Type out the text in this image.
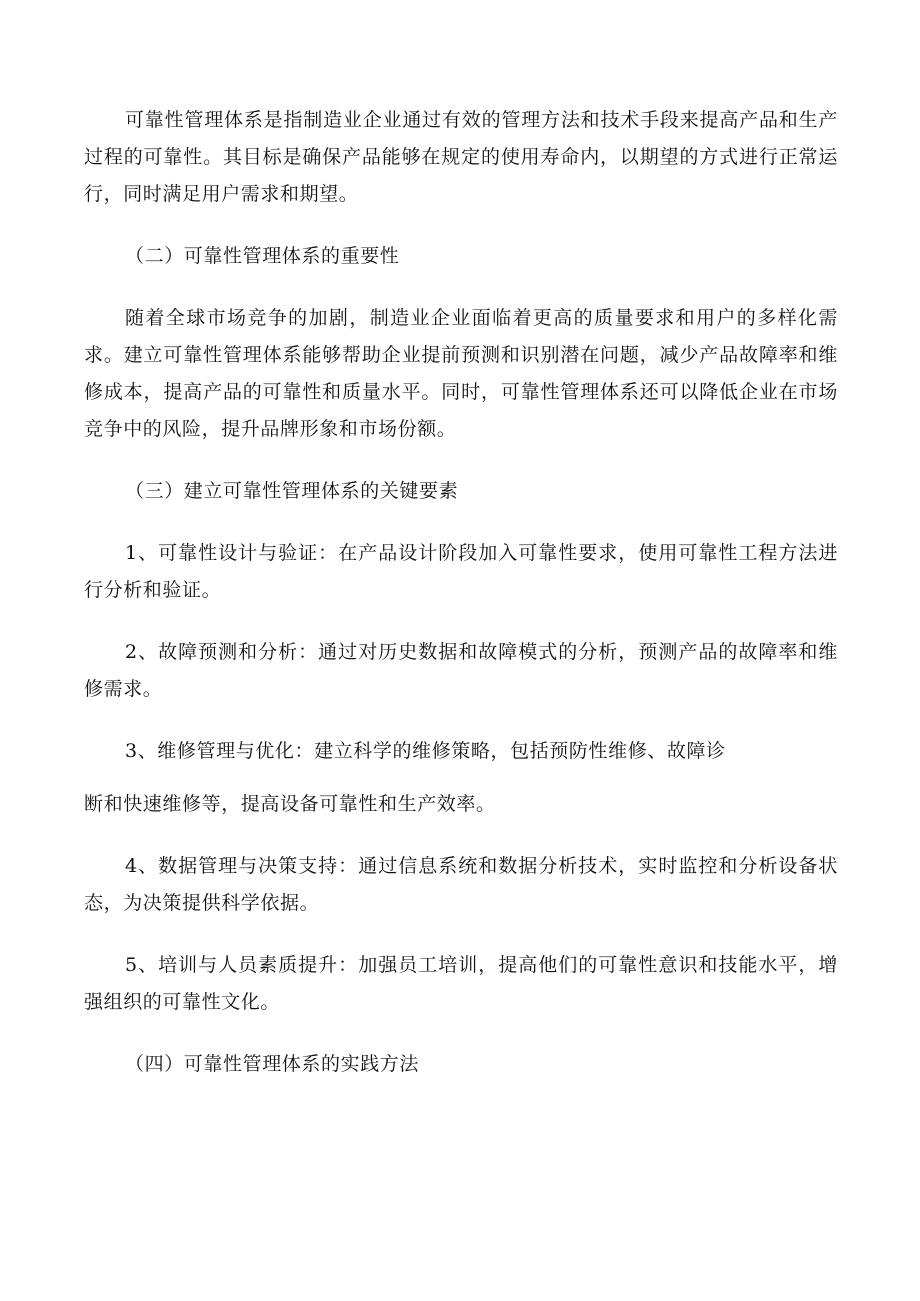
可靠性管理体系是指制造业企业通过有效的管理方法和技术手段来提高产品和生产过程的可靠性。其目标是确保产品能够在规定的使用寿命内，以期望的方式进行正常运行，同时满足用户需求和期望。

（二）可靠性管理体系的重要性

随着全球市场竞争的加剧，制造业企业面临着更高的质量要求和用户的多样化需求。建立可靠性管理体系能够帮助企业提前预测和识别潜在问题，减少产品故障率和维修成本，提高产品的可靠性和质量水平。同时，可靠性管理体系还可以降低企业在市场竞争中的风险，提升品牌形象和市场份额。

（三）建立可靠性管理体系的关键要素

1、可靠性设计与验证：在产品设计阶段加入可靠性要求，使用可靠性工程方法进行分析和验证。

2、故障预测和分析：通过对历史数据和故障模式的分析，预测产品的故障率和维修需求。

3、维修管理与优化：建立科学的维修策略，包括预防性维修、故障诊
断和快速维修等，提高设备可靠性和生产效率。

4、数据管理与决策支持：通过信息系统和数据分析技术，实时监控和分析设备状态，为决策提供科学依据。

5、培训与人员素质提升：加强员工培训，提高他们的可靠性意识和技能水平，增强组织的可靠性文化。

（四）可靠性管理体系的实践方法
